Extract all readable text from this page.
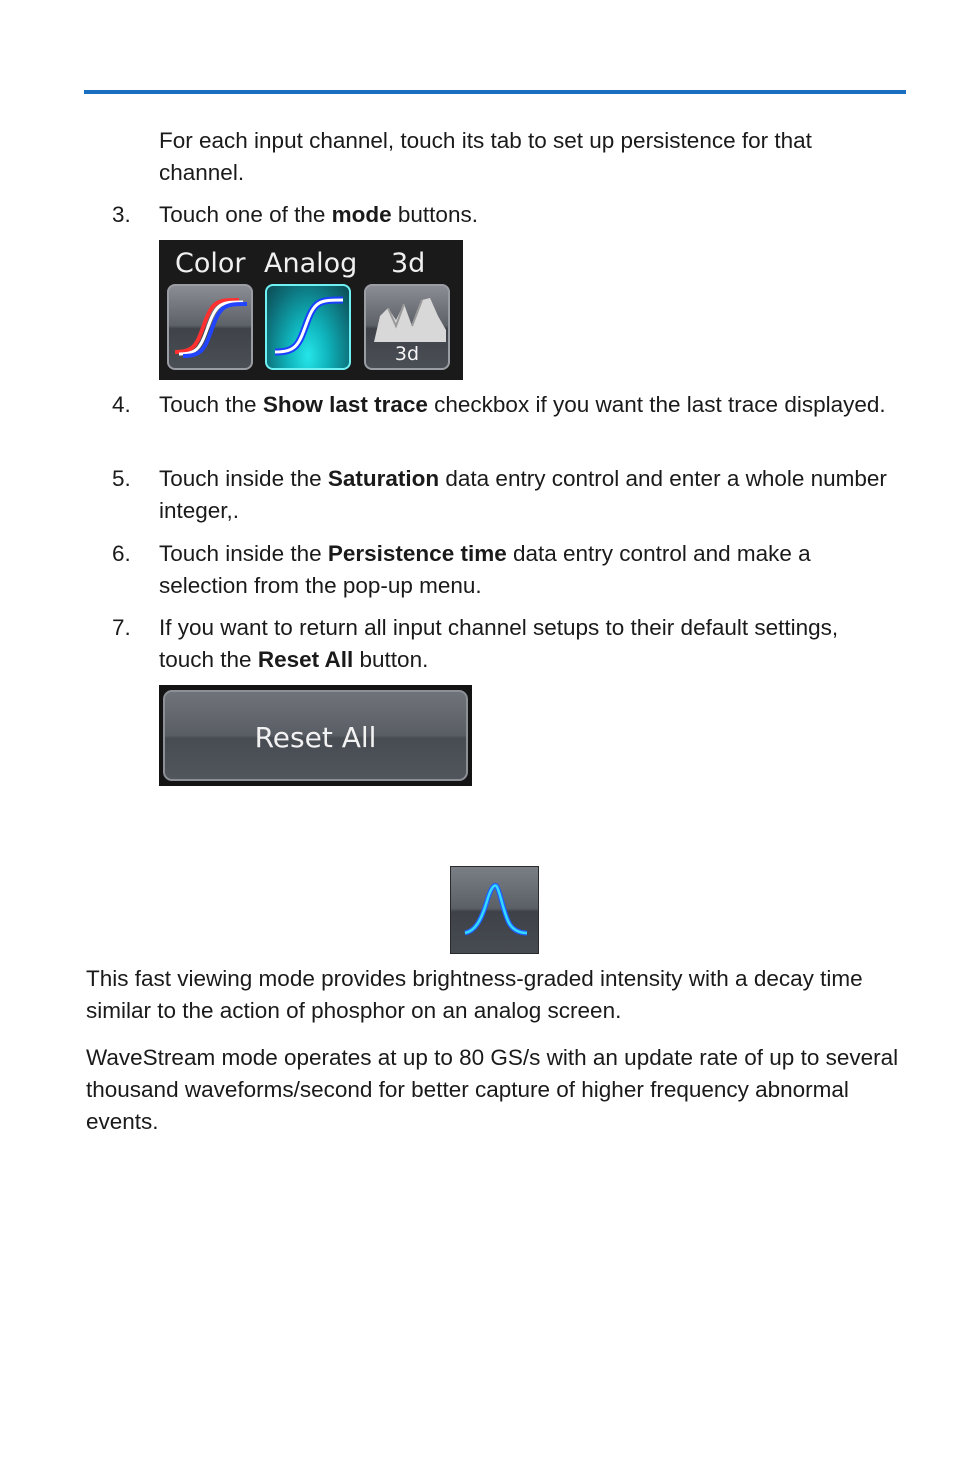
For each input channel, touch its tab to set up persistence for that channel.

3.	Touch one of the mode buttons.
Color Analog 3d
3d
4.	Touch the Show last trace checkbox if you want the last trace displayed.
5.	Touch inside the Saturation data entry control and enter a whole number integer,.
6.	Touch inside the Persistence time data entry control and make a selection from the pop-up menu.
7.	If you want to return all input channel setups to their default settings, touch the Reset All button.
Reset All

This fast viewing mode provides brightness-graded intensity with a decay time similar to the action of phosphor on an analog screen.

WaveStream mode operates at up to 80 GS/s with an update rate of up to several thousand waveforms/second for better capture of higher frequency abnormal events.
